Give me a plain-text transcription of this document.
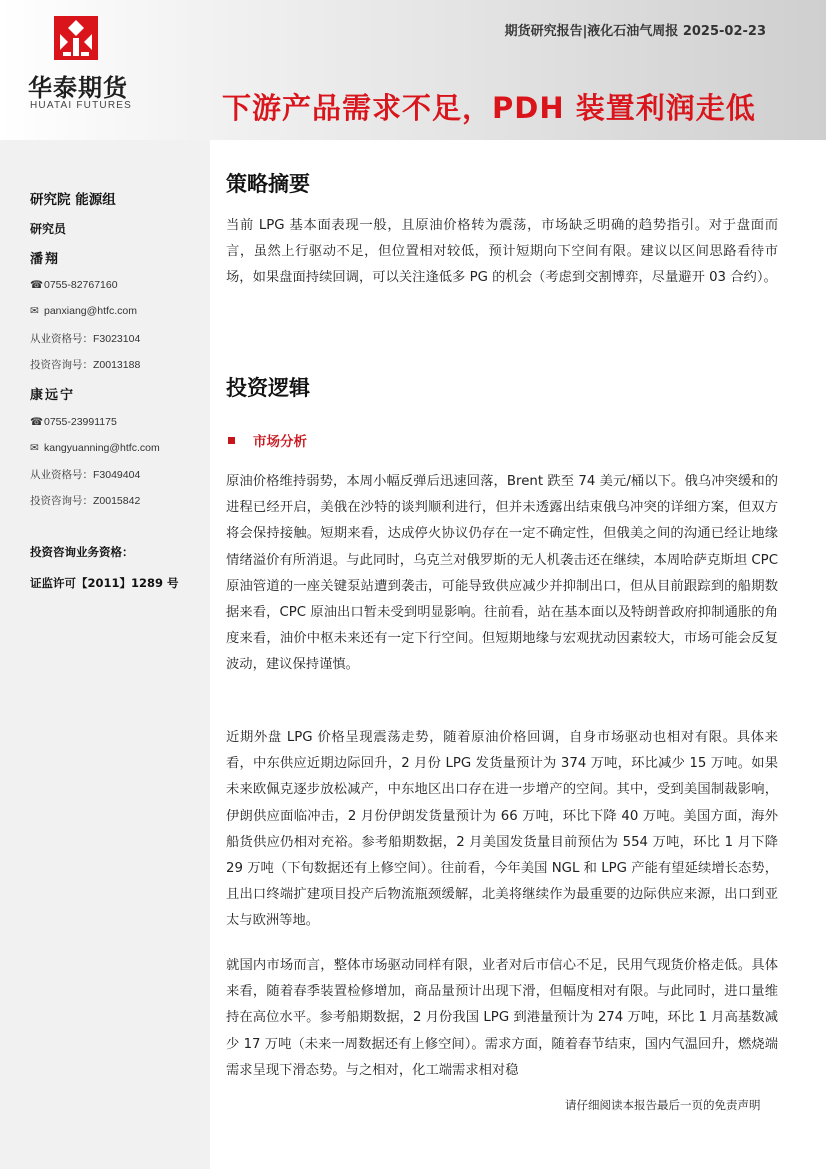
华泰期货
HUATAI FUTURES
期货研究报告|液化石油气周报 2025-02-23
下游产品需求不足，PDH 装置利润走低
研究院 能源组
研究员
潘翔
☎0755-82767160
✉ panxiang@htfc.com
从业资格号：F3023104
投资咨询号：Z0013188
康远宁
☎0755-23991175
✉ kangyuanning@htfc.com
从业资格号：F3049404
投资咨询号：Z0015842
投资咨询业务资格：
证监许可【2011】1289 号
策略摘要
当前 LPG 基本面表现一般，且原油价格转为震荡，市场缺乏明确的趋势指引。对于盘面而言，虽然上行驱动不足，但位置相对较低，预计短期向下空间有限。建议以区间思路看待市场，如果盘面持续回调，可以关注逢低多 PG 的机会（考虑到交割博弈，尽量避开 03 合约）。
投资逻辑
市场分析
原油价格维持弱势，本周小幅反弹后迅速回落，Brent 跌至 74 美元/桶以下。俄乌冲突缓和的进程已经开启，美俄在沙特的谈判顺利进行，但并未透露出结束俄乌冲突的详细方案，但双方将会保持接触。短期来看，达成停火协议仍存在一定不确定性，但俄美之间的沟通已经让地缘情绪溢价有所消退。与此同时，乌克兰对俄罗斯的无人机袭击还在继续，本周哈萨克斯坦 CPC 原油管道的一座关键泵站遭到袭击，可能导致供应减少并抑制出口，但从目前跟踪到的船期数据来看，CPC 原油出口暂未受到明显影响。往前看，站在基本面以及特朗普政府抑制通胀的角度来看，油价中枢未来还有一定下行空间。但短期地缘与宏观扰动因素较大，市场可能会反复波动，建议保持谨慎。
近期外盘 LPG 价格呈现震荡走势，随着原油价格回调，自身市场驱动也相对有限。具体来看，中东供应近期边际回升，2 月份 LPG 发货量预计为 374 万吨，环比减少 15 万吨。如果未来欧佩克逐步放松减产，中东地区出口存在进一步增产的空间。其中，受到美国制裁影响，伊朗供应面临冲击，2 月份伊朗发货量预计为 66 万吨，环比下降 40 万吨。美国方面，海外船货供应仍相对充裕。参考船期数据，2 月美国发货量目前预估为 554 万吨，环比 1 月下降 29 万吨（下旬数据还有上修空间）。往前看，今年美国 NGL 和 LPG 产能有望延续增长态势，且出口终端扩建项目投产后物流瓶颈缓解，北美将继续作为最重要的边际供应来源，出口到亚太与欧洲等地。
就国内市场而言，整体市场驱动同样有限，业者对后市信心不足，民用气现货价格走低。具体来看，随着春季装置检修增加，商品量预计出现下滑，但幅度相对有限。与此同时，进口量维持在高位水平。参考船期数据，2 月份我国 LPG 到港量预计为 274 万吨，环比 1 月高基数减少 17 万吨（未来一周数据还有上修空间）。需求方面，随着春节结束，国内气温回升，燃烧端需求呈现下滑态势。与之相对，化工端需求相对稳
请仔细阅读本报告最后一页的免责声明
